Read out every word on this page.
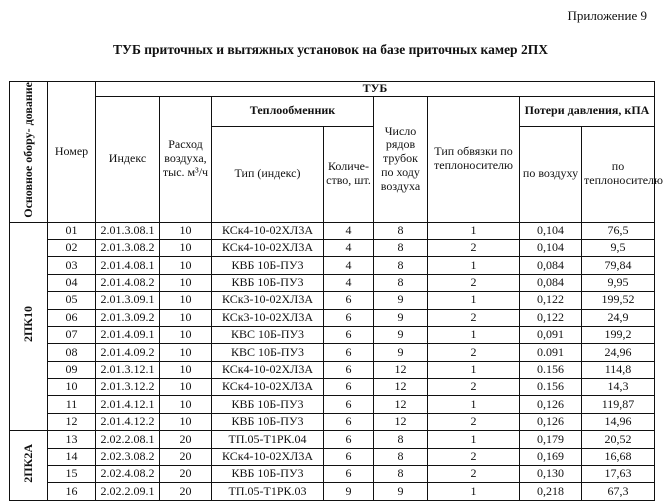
Приложение 9
ТУБ приточных и вытяжных установок на базе приточных камер 2ПХ
Основное обору- дование	Номер	ТУБ							
		Индекс	Расход воздуха, тыс. м³/ч	Теплообменник		Число рядов трубок по ходу воздуха	Тип обвязки по теплоносителю	Потери давления, кПА	
				Тип (индекс)	Количе- ство, шт.			по воздуху	по теплоносителю
2ПК10	01	2.01.3.08.1	10	КСк4-10-02ХЛ3А	4	8	1	0,104	76,5
	02	2.01.3.08.2	10	КСк4-10-02ХЛ3А	4	8	2	0,104	9,5
	03	2.01.4.08.1	10	КВБ 10Б-ПУ3	4	8	1	0,084	79,84
	04	2.01.4.08.2	10	КВБ 10Б-ПУ3	4	8	2	0,084	9,95
	05	2.01.3.09.1	10	КСк3-10-02ХЛ3А	6	9	1	0,122	199,52
	06	2.01.3.09.2	10	КСк3-10-02ХЛ3А	6	9	2	0,122	24,9
	07	2.01.4.09.1	10	КВС 10Б-ПУ3	6	9	1	0,091	199,2
	08	2.01.4.09.2	10	КВС 10Б-ПУ3	6	9	2	0.091	24,96
	09	2.01.3.12.1	10	КСк4-10-02ХЛ3А	6	12	1	0.156	114,8
	10	2.01.3.12.2	10	КСк4-10-02ХЛ3А	6	12	2	0.156	14,3
	11	2.01.4.12.1	10	КВБ 10Б-ПУ3	6	12	1	0,126	119,87
	12	2.01.4.12.2	10	КВБ 10Б-ПУ3	6	12	2	0,126	14,96
2ПК2А	13	2.02.2.08.1	20	ТП.05-Т1РК.04	6	8	1	0,179	20,52
	14	2.02.3.08.2	20	КСк4-10-02ХЛ3А	6	8	2	0,169	16,68
	15	2.02.4.08.2	20	КВБ 10Б-ПУ3	6	8	2	0,130	17,63
	16	2.02.2.09.1	20	ТП.05-Т1РК.03	9	9	1	0,218	67,3
